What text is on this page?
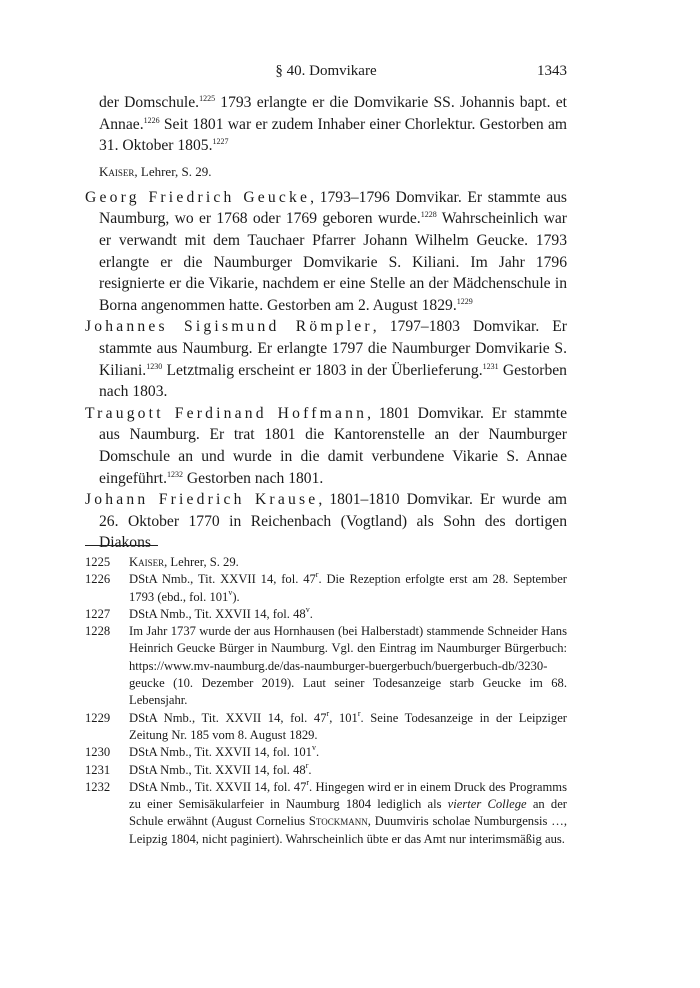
§ 40. Domvikare	1343

der Domschule.$^{1225}$ 1793 erlangte er die Domvikarie SS. Johannis bapt. et Annae.$^{1226}$ Seit 1801 war er zudem Inhaber einer Chorlektur. Gestorben am 31. Oktober 1805.$^{1227}$

Kaiser, Lehrer, S. 29.

Georg Friedrich Geucke, 1793–1796 Domvikar. Er stammte aus Naumburg, wo er 1768 oder 1769 geboren wurde.$^{1228}$ Wahrscheinlich war er verwandt mit dem Tauchaer Pfarrer Johann Wilhelm Geucke. 1793 erlangte er die Naumburger Domvikarie S. Kiliani. Im Jahr 1796 resignierte er die Vikarie, nachdem er eine Stelle an der Mädchenschule in Borna angenommen hatte. Gestorben am 2. August 1829.$^{1229}$

Johannes Sigismund Römpler, 1797–1803 Domvikar. Er stammte aus Naumburg. Er erlangte 1797 die Naumburger Domvikarie S. Kiliani.$^{1230}$ Letztmalig erscheint er 1803 in der Überlieferung.$^{1231}$ Gestorben nach 1803.

Traugott Ferdinand Hoffmann, 1801 Domvikar. Er stammte aus Naumburg. Er trat 1801 die Kantorenstelle an der Naumburger Domschule an und wurde in die damit verbundene Vikarie S. Annae eingeführt.$^{1232}$ Gestorben nach 1801.

Johann Friedrich Krause, 1801–1810 Domvikar. Er wurde am 26. Oktober 1770 in Reichenbach (Vogtland) als Sohn des dortigen Diakons

1225 Kaiser, Lehrer, S. 29.

1226 DStA Nmb., Tit. XXVII 14, fol. 47$^r$. Die Rezeption erfolgte erst am 28. September 1793 (ebd., fol. 101$^v$).

1227 DStA Nmb., Tit. XXVII 14, fol. 48$^v$.

1228 Im Jahr 1737 wurde der aus Hornhausen (bei Halberstadt) stammende Schneider Hans Heinrich Geucke Bürger in Naumburg. Vgl. den Eintrag im Naumburger Bürgerbuch: https://www.mv-naumburg.de/das-naumburger-buergerbuch/buergerbuch-db/3230-geucke (10. Dezember 2019). Laut seiner Todesanzeige starb Geucke im 68. Lebensjahr.

1229 DStA Nmb., Tit. XXVII 14, fol. 47$^r$, 101$^r$. Seine Todesanzeige in der Leipziger Zeitung Nr. 185 vom 8. August 1829.

1230 DStA Nmb., Tit. XXVII 14, fol. 101$^v$.

1231 DStA Nmb., Tit. XXVII 14, fol. 48$^r$.

1232 DStA Nmb., Tit. XXVII 14, fol. 47$^r$. Hingegen wird er in einem Druck des Programms zu einer Semisäkularfeier in Naumburg 1804 lediglich als vierter College an der Schule erwähnt (August Cornelius Stockmann, Duumviris scholae Numburgensis …, Leipzig 1804, nicht paginiert). Wahrscheinlich übte er das Amt nur interimsmäßig aus.
